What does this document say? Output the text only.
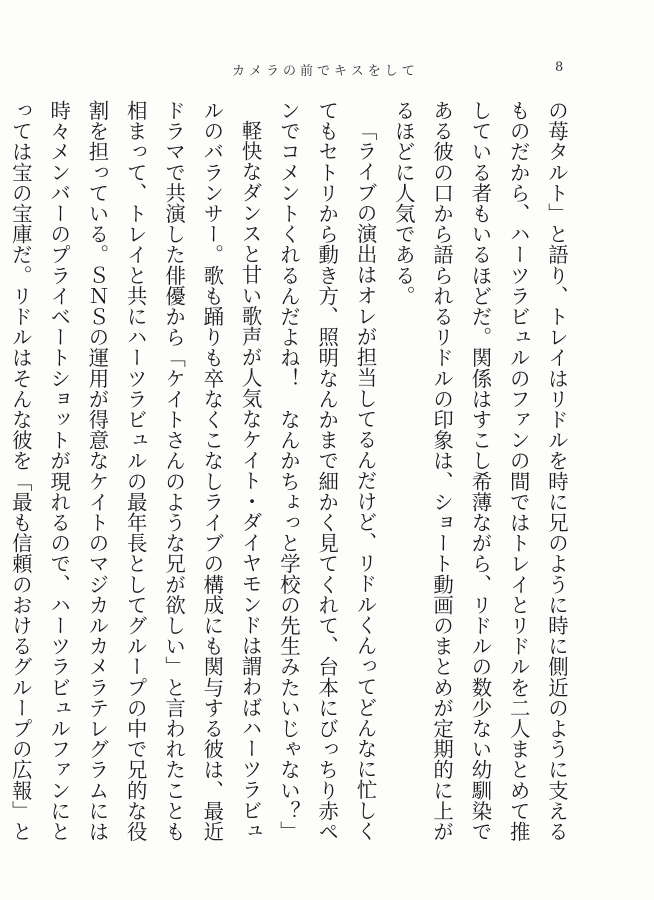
カメラの前でキスをして	8

の苺タルト」と語り、トレイはリドルを時に兄のように時に側近のように支えるものだから、ハーツラビュルのファンの間ではトレイとリドルを二人まとめて推している者もいるほどだ。関係はすこし希薄ながら、リドルの数少ない幼馴染である彼の口から語られるリドルの印象は、ショート動画のまとめが定期的に上がるほどに人気である。

「ライブの演出はオレが担当してるんだけど、リドルくんってどんなに忙しくてもセトリから動き方、照明なんかまで細かく見てくれて、台本にびっちり赤ペンでコメントくれるんだよね！　なんかちょっと学校の先生みたいじゃない？」

軽快なダンスと甘い歌声が人気なケイト・ダイヤモンドは謂わばハーツラビュルのバランサー。歌も踊りも卒なくこなしライブの構成にも関与する彼は、最近ドラマで共演した俳優から「ケイトさんのような兄が欲しい」と言われたことも相まって、トレイと共にハーツラビュルの最年長としてグループの中で兄的な役割を担っている。ＳＮＳの運用が得意なケイトのマジカルカメラテレグラムには時々メンバーのプライベートショットが現れるので、ハーツラビュルファンにとっては宝の宝庫だ。リドルはそんな彼を「最も信頼のおけるグループの広報」と
